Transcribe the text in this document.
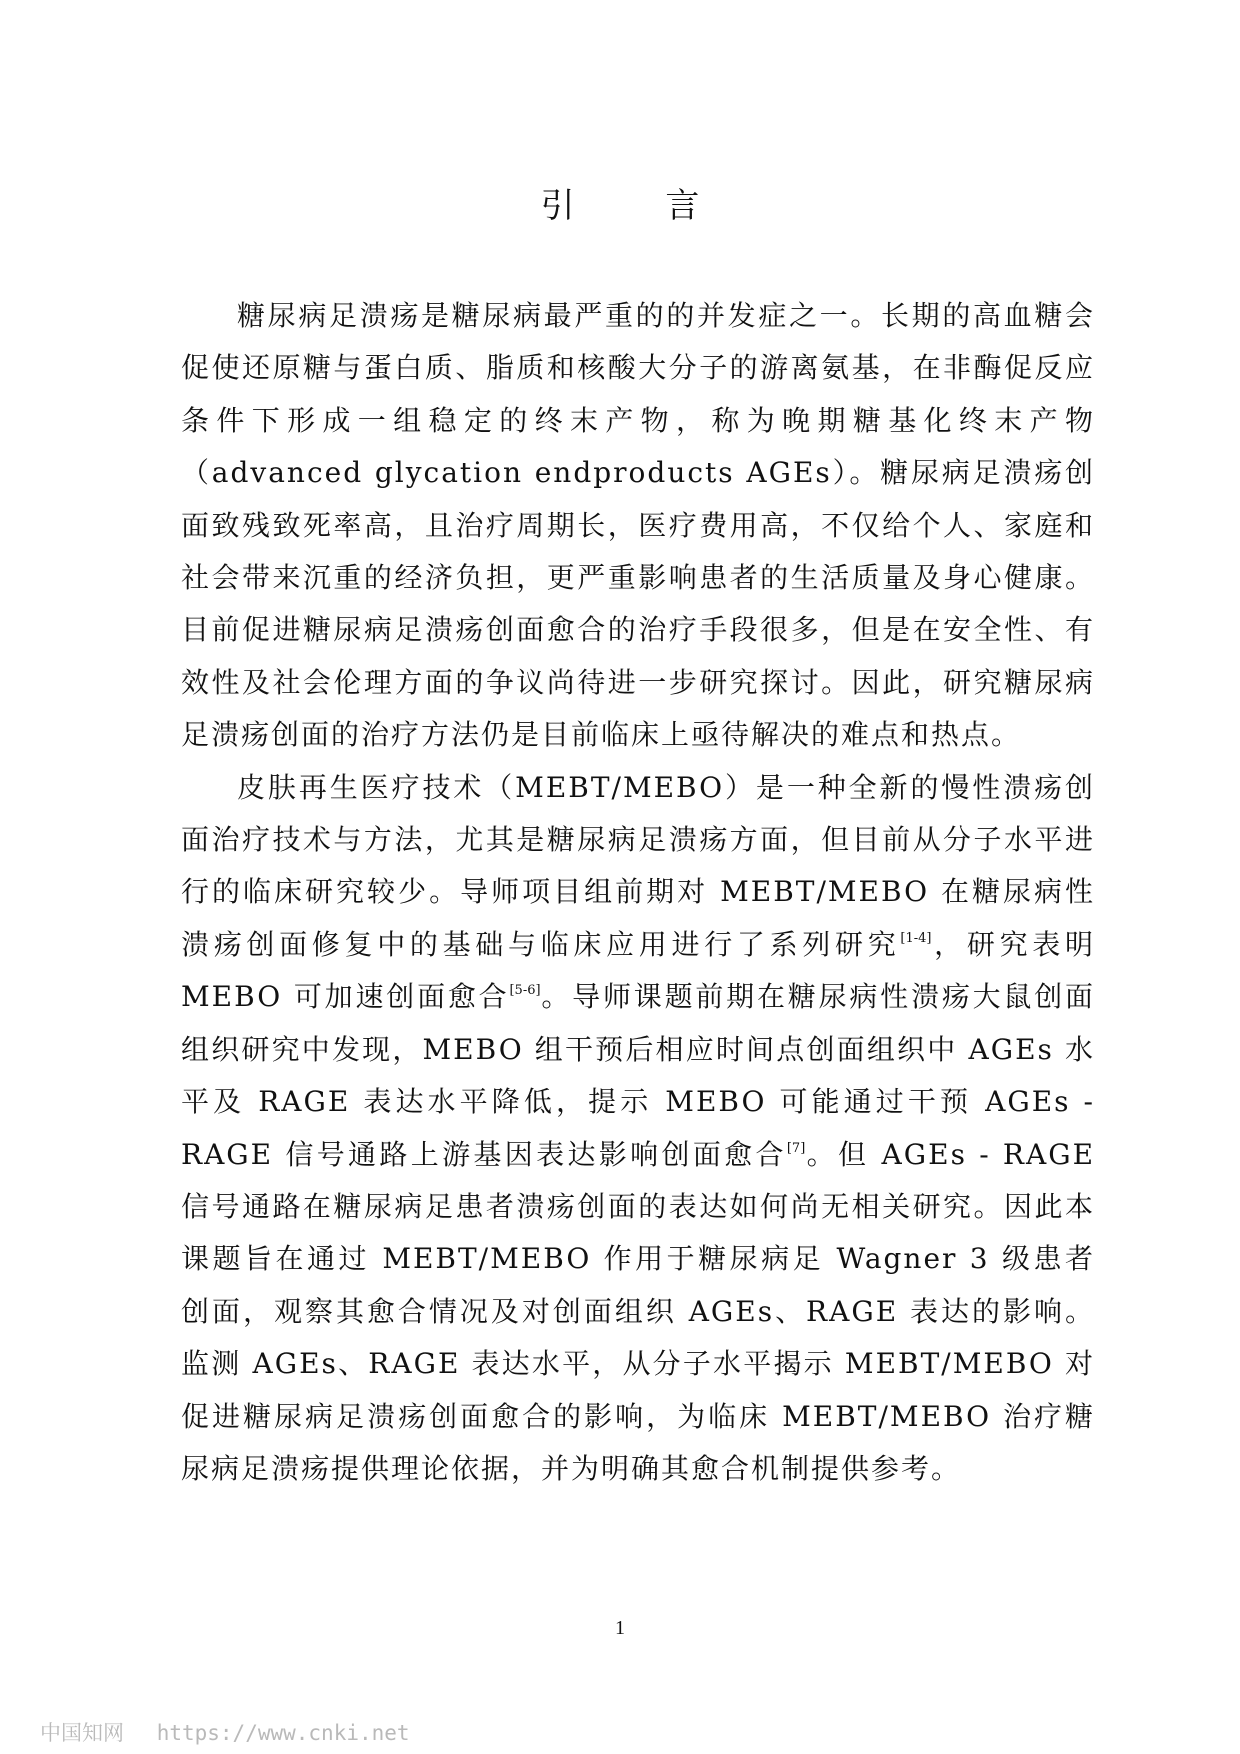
引 言

糖尿病足溃疡是糖尿病最严重的的并发症之一。长期的高血糖会促使还原糖与蛋白质、脂质和核酸大分子的游离氨基，在非酶促反应条件下形成一组稳定的终末产物，称为晚期糖基化终末产物（advanced glycation endproducts AGEs）。糖尿病足溃疡创面致残致死率高，且治疗周期长，医疗费用高，不仅给个人、家庭和社会带来沉重的经济负担，更严重影响患者的生活质量及身心健康。目前促进糖尿病足溃疡创面愈合的治疗手段很多，但是在安全性、有效性及社会伦理方面的争议尚待进一步研究探讨。因此，研究糖尿病足溃疡创面的治疗方法仍是目前临床上亟待解决的难点和热点。

皮肤再生医疗技术（MEBT/MEBO）是一种全新的慢性溃疡创面治疗技术与方法，尤其是糖尿病足溃疡方面，但目前从分子水平进行的临床研究较少。导师项目组前期对 MEBT/MEBO 在糖尿病性溃疡创面修复中的基础与临床应用进行了系列研究[1-4]，研究表明 MEBO 可加速创面愈合[5-6]。导师课题前期在糖尿病性溃疡大鼠创面组织研究中发现，MEBO 组干预后相应时间点创面组织中 AGEs 水平及 RAGE 表达水平降低，提示 MEBO 可能通过干预 AGEs - RAGE 信号通路上游基因表达影响创面愈合[7]。但 AGEs - RAGE 信号通路在糖尿病足患者溃疡创面的表达如何尚无相关研究。因此本课题旨在通过 MEBT/MEBO 作用于糖尿病足 Wagner 3 级患者创面，观察其愈合情况及对创面组织 AGEs、RAGE 表达的影响。监测 AGEs、RAGE 表达水平，从分子水平揭示 MEBT/MEBO 对促进糖尿病足溃疡创面愈合的影响，为临床 MEBT/MEBO 治疗糖尿病足溃疡提供理论依据，并为明确其愈合机制提供参考。

1
中国知网 https://www.cnki.net
